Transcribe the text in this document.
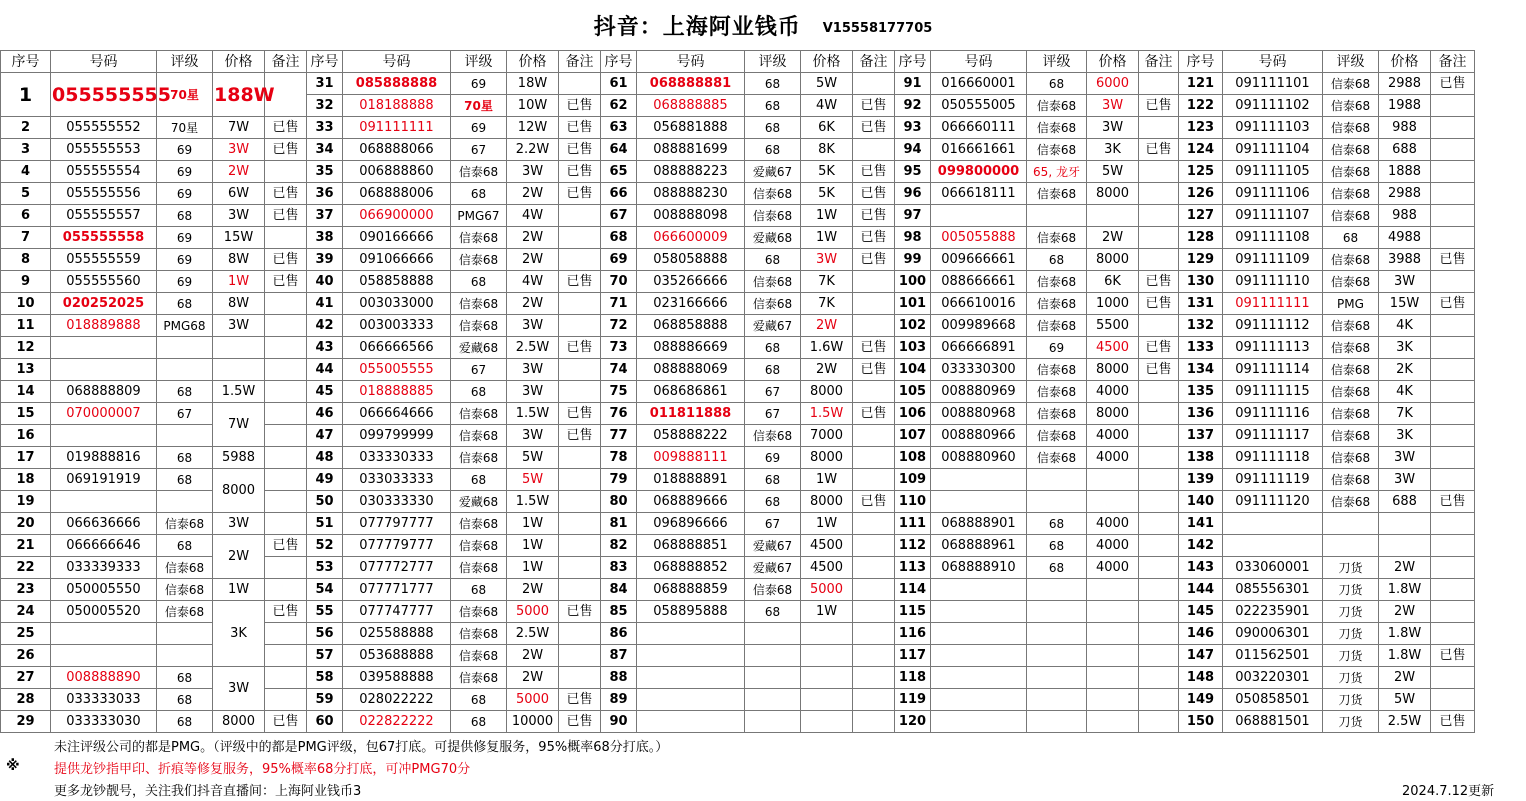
抖音：上海阿业钱币 V15558177705
序号	号码	评级	价格	备注	序号	号码	评级	价格	备注	序号	号码	评级	价格	备注	序号	号码	评级	价格	备注	序号	号码	评级	价格	备注
1	055555555	70星	188W		31	085888888	69	18W		61	068888881	68	5W		91	016660001	68	6000		121	091111101	信泰68	2988	已售
					32	018188888	70星	10W	已售	62	068888885	68	4W	已售	92	050555005	信泰68	3W	已售	122	091111102	信泰68	1988	
2	055555552	70星	7W	已售	33	091111111	69	12W	已售	63	056881888	68	6K	已售	93	066660111	信泰68	3W		123	091111103	信泰68	988	
3	055555553	69	3W	已售	34	068888066	67	2.2W	已售	64	088881699	68	8K		94	016661661	信泰68	3K	已售	124	091111104	信泰68	688	
4	055555554	69	2W		35	006888860	信泰68	3W	已售	65	088888223	爱藏67	5K	已售	95	099800000	65, 龙牙	5W		125	091111105	信泰68	1888	
5	055555556	69	6W	已售	36	068888006	68	2W	已售	66	088888230	信泰68	5K	已售	96	066618111	信泰68	8000		126	091111106	信泰68	2988	
6	055555557	68	3W	已售	37	066900000	PMG67	4W		67	008888098	信泰68	1W	已售	97					127	091111107	信泰68	988	
7	055555558	69	15W		38	090166666	信泰68	2W		68	066600009	爱藏68	1W	已售	98	005055888	信泰68	2W		128	091111108	68	4988	
8	055555559	69	8W	已售	39	091066666	信泰68	2W		69	058058888	68	3W	已售	99	009666661	68	8000		129	091111109	信泰68	3988	已售
9	055555560	69	1W	已售	40	058858888	68	4W	已售	70	035266666	信泰68	7K		100	088666661	信泰68	6K	已售	130	091111110	信泰68	3W	
10	020252025	68	8W		41	003033000	信泰68	2W		71	023166666	信泰68	7K		101	066610016	信泰68	1000	已售	131	091111111	PMG	15W	已售
11	018889888	PMG68	3W		42	003003333	信泰68	3W		72	068858888	爱藏67	2W		102	009989668	信泰68	5500		132	091111112	信泰68	4K	
12					43	066666566	爱藏68	2.5W	已售	73	088886669	68	1.6W	已售	103	066666891	69	4500	已售	133	091111113	信泰68	3K	
13					44	055005555	67	3W		74	088888069	68	2W	已售	104	033330300	信泰68	8000	已售	134	091111114	信泰68	2K	
14	068888809	68	1.5W		45	018888885	68	3W		75	068686861	67	8000		105	008880969	信泰68	4000		135	091111115	信泰68	4K	
15	070000007	67	7W		46	066664666	信泰68	1.5W	已售	76	011811888	67	1.5W	已售	106	008880968	信泰68	8000		136	091111116	信泰68	7K	
16					47	099799999	信泰68	3W	已售	77	058888222	信泰68	7000		107	008880966	信泰68	4000		137	091111117	信泰68	3K	
17	019888816	68	5988		48	033330333	信泰68	5W		78	009888111	69	8000		108	008880960	信泰68	4000		138	091111118	信泰68	3W	
18	069191919	68	8000		49	033033333	68	5W		79	018888891	68	1W		109					139	091111119	信泰68	3W	
19					50	030333330	爱藏68	1.5W		80	068889666	68	8000	已售	110					140	091111120	信泰68	688	已售
20	066636666	信泰68	3W		51	077797777	信泰68	1W		81	096896666	67	1W		111	068888901	68	4000		141				
21	066666646	68	2W	已售	52	077779777	信泰68	1W		82	068888851	爱藏67	4500		112	068888961	68	4000		142				
22	033339333	信泰68			53	077772777	信泰68	1W		83	068888852	爱藏67	4500		113	068888910	68	4000		143	033060001	刀货	2W	
23	050005550	信泰68	1W		54	077771777	68	2W		84	068888859	信泰68	5000		114					144	085556301	刀货	1.8W	
24	050005520	信泰68	3K	已售	55	077747777	信泰68	5000	已售	85	058895888	68	1W		115					145	022235901	刀货	2W	
25					56	025588888	信泰68	2.5W		86					116					146	090006301	刀货	1.8W	
26					57	053688888	信泰68	2W		87					117					147	011562501	刀货	1.8W	已售
27	008888890	68	3W		58	039588888	信泰68	2W		88					118					148	003220301	刀货	2W	
28	033333033	68			59	028022222	68	5000	已售	89					119					149	050858501	刀货	5W	
29	033333030	68	8000	已售	60	022822222	68	10000	已售	90					120					150	068881501	刀货	2.5W	已售
未注评级公司的都是PMG。（评级中的都是PMG评级，包67打底。可提供修复服务，95%概率68分打底。）
※	提供龙钞指甲印、折痕等修复服务，95%概率68分打底，可冲PMG70分
更多龙钞靓号，关注我们抖音直播间：上海阿业钱币3	2024.7.12更新
